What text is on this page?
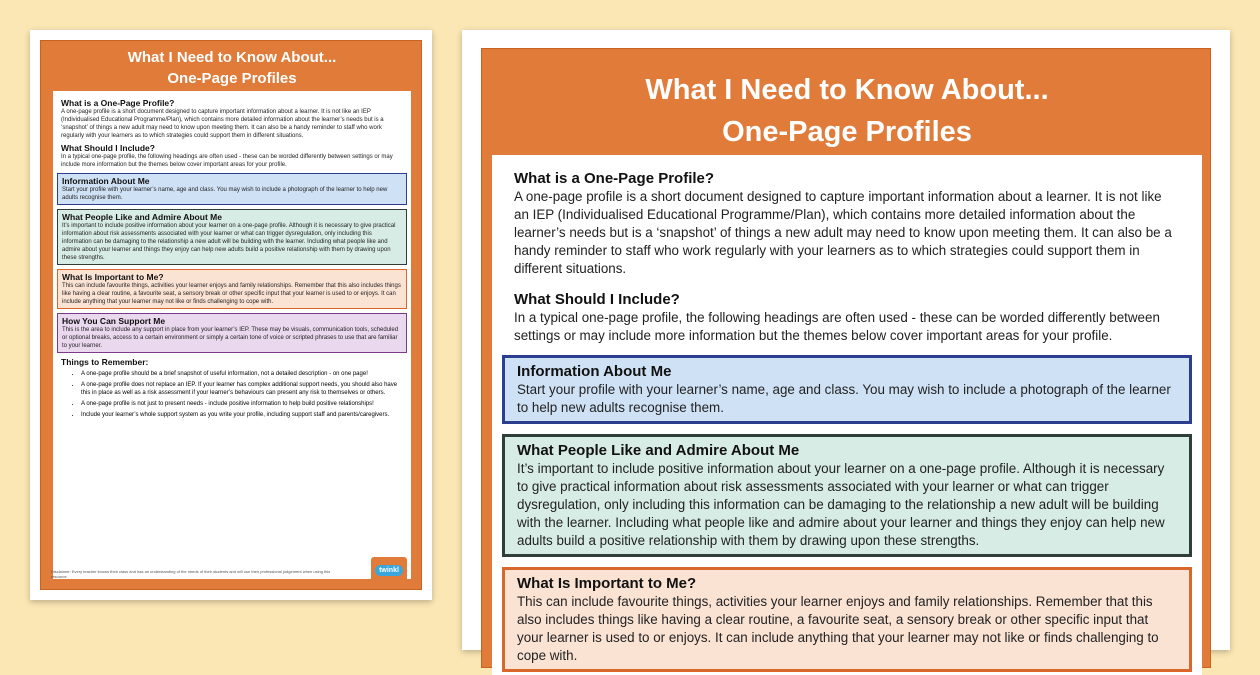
What I Need to Know About...
One-Page Profiles
What is a One-Page Profile?
A one-page profile is a short document designed to capture important information about a learner. It is not like an IEP (Individualised Educational Programme/Plan), which contains more detailed information about the learner’s needs but is a ‘snapshot’ of things a new adult may need to know upon meeting them. It can also be a handy reminder to staff who work regularly with your learners as to which strategies could support them in different situations.
What Should I Include?
In a typical one-page profile, the following headings are often used - these can be worded differently between settings or may include more information but the themes below cover important areas for your profile.
Information About Me
Start your profile with your learner’s name, age and class. You may wish to include a photograph of the learner to help new adults recognise them.
What People Like and Admire About Me
It’s important to include positive information about your learner on a one-page profile. Although it is necessary to give practical information about risk assessments associated with your learner or what can trigger dysregulation, only including this information can be damaging to the relationship a new adult will be building with the learner. Including what people like and admire about your learner and things they enjoy can help new adults build a positive relationship with them by drawing upon these strengths.
What Is Important to Me?
This can include favourite things, activities your learner enjoys and family relationships. Remember that this also includes things like having a clear routine, a favourite seat, a sensory break or other specific input that your learner is used to or enjoys. It can include anything that your learner may not like or finds challenging to cope with.
How You Can Support Me
This is the area to include any support in place from your learner’s IEP. These may be visuals, communication tools, scheduled or optional breaks, access to a certain environment or simply a certain tone of voice or scripted phrases to use that are familiar to your learner.
Things to Remember:
• A one-page profile should be a brief snapshot of useful information, not a detailed description - on one page!
• A one-page profile does not replace an IEP. If your learner has complex additional support needs, you should also have this in place as well as a risk assessment if your learner’s behaviours can present any risk to themselves or others.
• A one-page profile is not just to present needs - include positive information to help build positive relationships!
• Include your learner’s whole support system as you write your profile, including support staff and parents/caregivers.
Disclaimer: Every teacher knows their class and has an understanding of the needs of their students and will use their professional judgement when using this resource.
twinkl
What I Need to Know About...
One-Page Profiles
What is a One-Page Profile?
A one-page profile is a short document designed to capture important information about a learner. It is not like an IEP (Individualised Educational Programme/Plan), which contains more detailed information about the learner’s needs but is a ‘snapshot’ of things a new adult may need to know upon meeting them. It can also be a handy reminder to staff who work regularly with your learners as to which strategies could support them in different situations.
What Should I Include?
In a typical one-page profile, the following headings are often used - these can be worded differently between settings or may include more information but the themes below cover important areas for your profile.
Information About Me
Start your profile with your learner’s name, age and class. You may wish to include a photograph of the learner to help new adults recognise them.
What People Like and Admire About Me
It’s important to include positive information about your learner on a one-page profile. Although it is necessary to give practical information about risk assessments associated with your learner or what can trigger dysregulation, only including this information can be damaging to the relationship a new adult will be building with the learner. Including what people like and admire about your learner and things they enjoy can help new adults build a positive relationship with them by drawing upon these strengths.
What Is Important to Me?
This can include favourite things, activities your learner enjoys and family relationships. Remember that this also includes things like having a clear routine, a favourite seat, a sensory break or other specific input that your learner is used to or enjoys. It can include anything that your learner may not like or finds challenging to cope with.
